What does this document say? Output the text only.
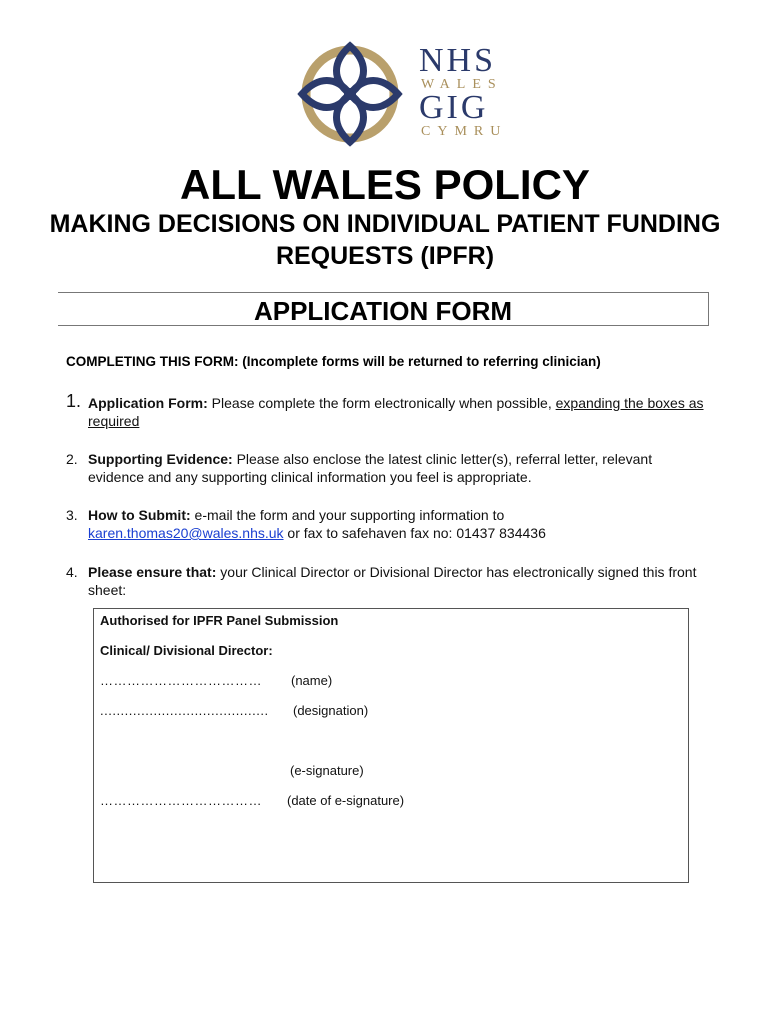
NHS
WALES
GIG
CYMRU
ALL WALES POLICY
MAKING DECISIONS ON INDIVIDUAL PATIENT FUNDING REQUESTS (IPFR)
APPLICATION FORM
COMPLETING THIS FORM: (Incomplete forms will be returned to referring clinician)
1. Application Form: Please complete the form electronically when possible, expanding the boxes as required
2. Supporting Evidence: Please also enclose the latest clinic letter(s), referral letter, relevant evidence and any supporting clinical information you feel is appropriate.
3. How to Submit: e-mail the form and your supporting information to
karen.thomas20@wales.nhs.uk or fax to safehaven fax no: 01437 834436
4. Please ensure that: your Clinical Director or Divisional Director has electronically signed this front sheet:
Authorised for IPFR Panel Submission
Clinical/ Divisional Director:
……………………………… (name)
......................................... (designation)
(e-signature)
……………………………… (date of e-signature)
